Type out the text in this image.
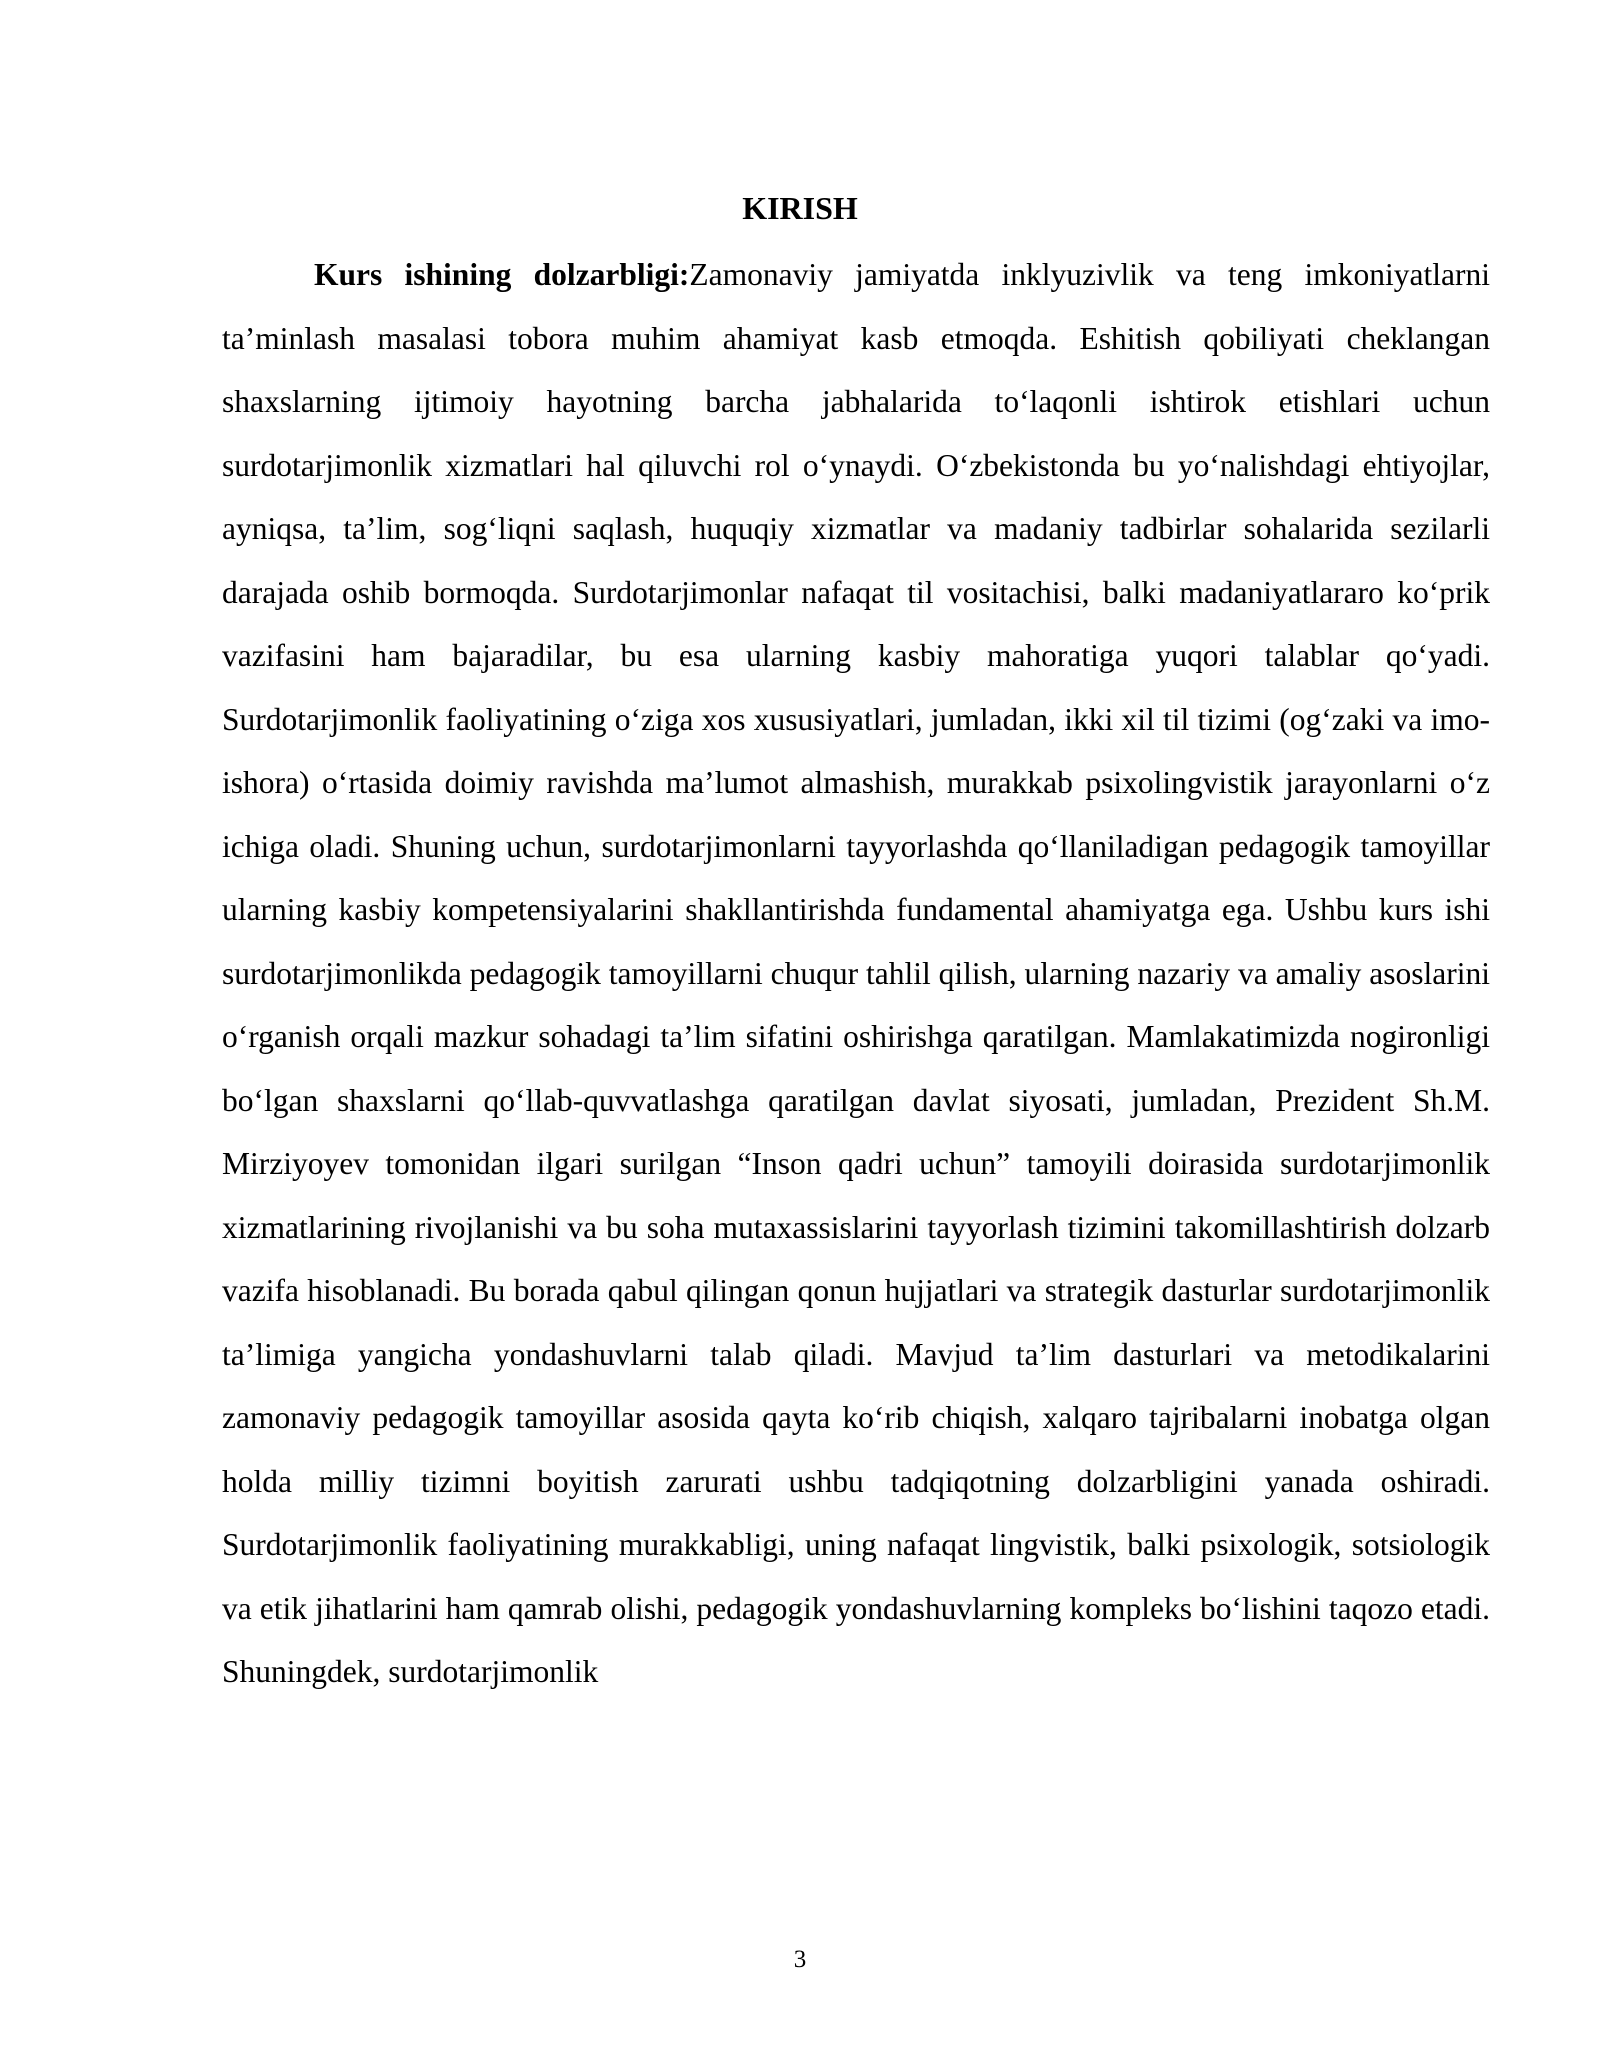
KIRISH

Kurs ishining dolzarbligi:Zamonaviy jamiyatda inklyuzivlik va teng imkoniyatlarni ta’minlash masalasi tobora muhim ahamiyat kasb etmoqda. Eshitish qobiliyati cheklangan shaxslarning ijtimoiy hayotning barcha jabhalarida to‘laqonli ishtirok etishlari uchun surdotarjimonlik xizmatlari hal qiluvchi rol o‘ynaydi. O‘zbekistonda bu yo‘nalishdagi ehtiyojlar, ayniqsa, ta’lim, sog‘liqni saqlash, huquqiy xizmatlar va madaniy tadbirlar sohalarida sezilarli darajada oshib bormoqda. Surdotarjimonlar nafaqat til vositachisi, balki madaniyatlararo ko‘prik vazifasini ham bajaradilar, bu esa ularning kasbiy mahoratiga yuqori talablar qo‘yadi. Surdotarjimonlik faoliyatining o‘ziga xos xususiyatlari, jumladan, ikki xil til tizimi (og‘zaki va imo-ishora) o‘rtasida doimiy ravishda ma’lumot almashish, murakkab psixolingvistik jarayonlarni o‘z ichiga oladi. Shuning uchun, surdotarjimonlarni tayyorlashda qo‘llaniladigan pedagogik tamoyillar ularning kasbiy kompetensiyalarini shakllantirishda fundamental ahamiyatga ega. Ushbu kurs ishi surdotarjimonlikda pedagogik tamoyillarni chuqur tahlil qilish, ularning nazariy va amaliy asoslarini o‘rganish orqali mazkur sohadagi ta’lim sifatini oshirishga qaratilgan. Mamlakatimizda nogironligi bo‘lgan shaxslarni qo‘llab-quvvatlashga qaratilgan davlat siyosati, jumladan, Prezident Sh.M. Mirziyoyev tomonidan ilgari surilgan “Inson qadri uchun” tamoyili doirasida surdotarjimonlik xizmatlarining rivojlanishi va bu soha mutaxassislarini tayyorlash tizimini takomillashtirish dolzarb vazifa hisoblanadi. Bu borada qabul qilingan qonun hujjatlari va strategik dasturlar surdotarjimonlik ta’limiga yangicha yondashuvlarni talab qiladi. Mavjud ta’lim dasturlari va metodikalarini zamonaviy pedagogik tamoyillar asosida qayta ko‘rib chiqish, xalqaro tajribalarni inobatga olgan holda milliy tizimni boyitish zarurati ushbu tadqiqotning dolzarbligini yanada oshiradi. Surdotarjimonlik faoliyatining murakkabligi, uning nafaqat lingvistik, balki psixologik, sotsiologik va etik jihatlarini ham qamrab olishi, pedagogik yondashuvlarning kompleks bo‘lishini taqozo etadi. Shuningdek, surdotarjimonlik

3
